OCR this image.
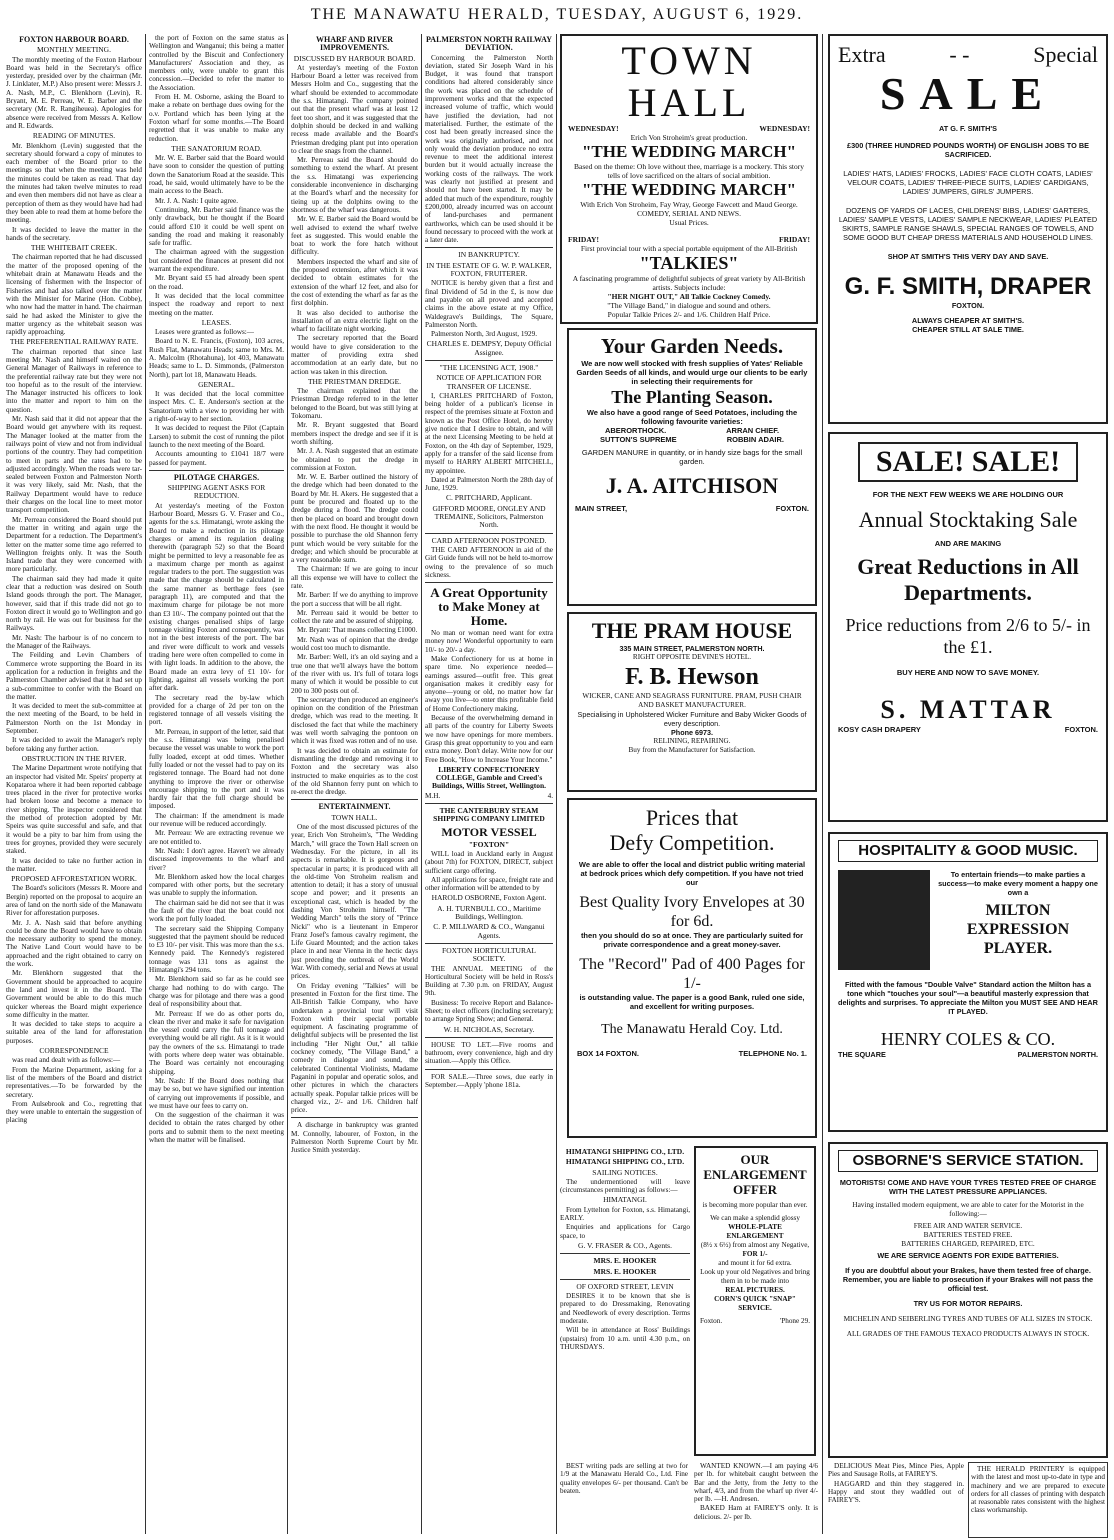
THE MANAWATU HERALD, TUESDAY, AUGUST 6, 1929.

FOXTON HARBOUR BOARD.

MONTHLY MEETING.

The monthly meeting of the Foxton Harbour Board was held in the Secretary's office yesterday, presided over by the chairman (Mr. J. Linklater, M.P.) Also present were: Messrs J. A. Nash, M.P., C. Blenkhorn (Levin), R. Bryant, M. E. Perreau, W. E. Barber and the secretary (Mr. R. Rangiheuea). Apologies for absence were received from Messrs A. Kellow and R. Edwards.

READING OF MINUTES.

Mr. Blenkhorn (Levin) suggested that the secretary should forward a copy of minutes to each member of the Board prior to the meetings so that when the meeting was held the minutes could be taken as read. That day the minutes had taken twelve minutes to read and even then members did not have as clear a perception of them as they would have had had they been able to read them at home before the meeting.

It was decided to leave the matter in the hands of the secretary.

THE WHITEBAIT CREEK.

The chairman reported that he had discussed the matter of the proposed opening of the whitebait drain at Manawatu Heads and the licensing of fishermen with the Inspector of Fisheries and had also talked over the matter with the Minister for Marine (Hon. Cobbe), who now had the matter in hand. The chairman said he had asked the Minister to give the matter urgency as the whitebait season was rapidly approaching.

THE PREFERENTIAL RAILWAY RATE.

The chairman reported that since last meeting Mr. Nash and himself waited on the General Manager of Railways in reference to the preferential railway rate but they were not too hopeful as to the result of the interview. The Manager instructed his officers to look into the matter and report to him on the question.

Mr. Nash said that it did not appear that the Board would get anywhere with its request. The Manager looked at the matter from the railways point of view and not from individual portions of the country. They had competition to meet in parts and the rates had to be adjusted accordingly. When the roads were tar-sealed between Foxton and Palmerston North it was very likely, said Mr. Nash, that the Railway Department would have to reduce their charges on the local line to meet motor transport competition.

Mr. Perreau considered the Board should put the matter in writing and again urge the Department for a reduction. The Department's letter on the matter some time ago referred to Wellington freights only. It was the South Island trade that they were concerned with more particularly.

The chairman said they had made it quite clear that a reduction was desired on South Island goods through the port. The Manager, however, said that if this trade did not go to Foxton direct it would go to Wellington and go north by rail. He was out for business for the Railways.

Mr. Nash: The harbour is of no concern to the Manager of the Railways.

The Feilding and Levin Chambers of Commerce wrote supporting the Board in its application for a reduction in freights and the Palmerston Chamber advised that it had set up a sub-committee to confer with the Board on the matter.

It was decided to meet the sub-committee at the next meeting of the Board, to be held in Palmerston North on the 1st Monday in September.

It was decided to await the Manager's reply before taking any further action.

OBSTRUCTION IN THE RIVER.

The Marine Department wrote notifying that an inspector had visited Mr. Speirs' property at Kopataroa where it had been reported cabbage trees placed in the river for protective works had broken loose and become a menace to river shipping. The inspector considered that the method of protection adopted by Mr. Speirs was quite successful and safe, and that it would be a pity to bar him from using the trees for groynes, provided they were securely staked.

It was decided to take no further action in the matter.

PROPOSED AFFORESTATION WORK.

The Board's solicitors (Messrs R. Moore and Bergin) reported on the proposal to acquire an area of land on the north side of the Manawatu River for afforestation purposes.

Mr. J. A. Nash said that before anything could be done the Board would have to obtain the necessary authority to spend the money. The Native Land Court would have to be approached and the right obtained to carry on the work.

Mr. Blenkhorn suggested that the Government should be approached to acquire the land and invest it in the Board. The Government would be able to do this much quicker whereas the Board might experience some difficulty in the matter.

It was decided to take steps to acquire a suitable area of the land for afforestation purposes.

CORRESPONDENCE

was read and dealt with as follows:—

From the Marine Department, asking for a list of the members of the Board and district representatives.—To be forwarded by the secretary.

From Aulsebrook and Co., regretting that they were unable to entertain the suggestion of placing

the port of Foxton on the same status as Wellington and Wanganui; this being a matter controlled by the Biscuit and Confectionery Manufacturers' Association and they, as members only, were unable to grant this concession.—Decided to refer the matter to the Association.

From H. M. Osborne, asking the Board to make a rebate on berthage dues owing for the o.v. Portland which has been lying at the Foxton wharf for some months.—The Board regretted that it was unable to make any reduction.

THE SANATORIUM ROAD.

Mr. W. E. Barber said that the Board would have soon to consider the question of putting down the Sanatorium Road at the seaside. This road, he said, would ultimately have to be the main access to the Beach.

Mr. J. A. Nash: I quite agree.

Continuing, Mr. Barber said finance was the only drawback, but he thought if the Board could afford £10 it could be well spent on sanding the road and making it reasonably safe for traffic.

The chairman agreed with the suggestion but considered the finances at present did not warrant the expenditure.

Mr. Bryant said £5 had already been spent on the road.

It was decided that the local committee inspect the roadway and report to next meeting on the matter.

LEASES.

Leases were granted as follows:—

Board to N. E. Francis, (Foxton), 103 acres, Rush Flat, Manawatu Heads; same to Mrs. M. A. Malcolm (Rhotahuna), lot 403, Manawatu Heads; same to L. D. Simmonds, (Palmerston North), part lot 18, Manawatu Heads.

GENERAL.

It was decided that the local committee inspect Mrs. C. E. Anderson's section at the Sanatorium with a view to providing her with a right-of-way to her section.

It was decided to request the Pilot (Captain Larsen) to submit the cost of running the pilot launch to the next meeting of the Board.

Accounts amounting to £1041 18/7 were passed for payment.

PILOTAGE CHARGES.

SHIPPING AGENT ASKS FOR REDUCTION.

At yesterday's meeting of the Foxton Harbour Board, Messrs G. V. Fraser and Co., agents for the s.s. Himatangi, wrote asking the Board to make a reduction in its pilotage charges or amend its regulation dealing therewith (paragraph 52) so that the Board might be permitted to levy a reasonable fee as a maximum charge per month as against regular traders to the port. The suggestion was made that the charge should be calculated in the same manner as berthage fees (see paragraph 11), are computed and that the maximum charge for pilotage be not more than £3 10/-. The company pointed out that the existing charges penalised ships of large tonnage visiting Foxton and consequently, was not in the best interests of the port. The bar and river were difficult to work and vessels trading here were often compelled to come in with light loads. In addition to the above, the Board made an extra levy of £1 10/- for lighting, against all vessels working the port after dark.

The secretary read the by-law which provided for a charge of 2d per ton on the registered tonnage of all vessels visiting the port.

Mr. Perreau, in support of the letter, said that the s.s. Himatangi was being penalised because the vessel was unable to work the port fully loaded, except at odd times. Whether fully loaded or not the vessel had to pay on its registered tonnage. The Board had not done anything to improve the river or otherwise encourage shipping to the port and it was hardly fair that the full charge should be imposed.

The chairman: If the amendment is made our revenue will be reduced accordingly.

Mr. Perreau: We are extracting revenue we are not entitled to.

Mr. Nash: I don't agree. Haven't we already discussed improvements to the wharf and river?

Mr. Blenkhorn asked how the local charges compared with other ports, but the secretary was unable to supply the information.

The chairman said he did not see that it was the fault of the river that the boat could not work the port fully loaded.

The secretary said the Shipping Company suggested that the payment should be reduced to £3 10/- per visit. This was more than the s.s. Kennedy paid. The Kennedy's registered tonnage was 131 tons as against the Himatangi's 294 tons.

Mr. Blenkhorn said so far as he could see charge had nothing to do with cargo. The charge was for pilotage and there was a good deal of responsibility about that.

Mr. Perreau: If we do as other ports do, clean the river and make it safe for navigation the vessel could carry the full tonnage and everything would be all right. As it is it would pay the owners of the s.s. Himatangi to trade with ports where deep water was obtainable. The Board was certainly not encouraging shipping.

Mr. Nash: If the Board does nothing that may be so, but we have signified our intention of carrying out improvements if possible, and we must have our fees to carry on.

On the suggestion of the chairman it was decided to obtain the rates charged by other ports and to submit them to the next meeting when the matter will be finalised.

WHARF AND RIVER IMPROVEMENTS.

DISCUSSED BY HARBOUR BOARD.

At yesterday's meeting of the Foxton Harbour Board a letter was received from Messrs Holm and Co., suggesting that the wharf should be extended to accommodate the s.s. Himatangi. The company pointed out that the present wharf was at least 12 feet too short, and it was suggested that the dolphin should be decked in and walking recess made available and the Board's Priestman dredging plant put into operation to clear the snags from the channel.

Mr. Perreau said the Board should do something to extend the wharf. At present the s.s. Himatangi was experiencing considerable inconvenience in discharging at the Board's wharf and the necessity for tieing up at the dolphins owing to the shortness of the wharf was dangerous.

Mr. W. E. Barber said the Board would be well advised to extend the wharf twelve feet as suggested. This would enable the boat to work the fore hatch without difficulty.

Members inspected the wharf and site of the proposed extension, after which it was decided to obtain estimates for the extension of the wharf 12 feet, and also for the cost of extending the wharf as far as the first dolphin.

It was also decided to authorise the installation of an extra electric light on the wharf to facilitate night working.

The secretary reported that the Board would have to give consideration to the matter of providing extra shed accommodation at an early date, but no action was taken in this direction.

THE PRIESTMAN DREDGE.

The chairman explained that the Priestman Dredge referred to in the letter belonged to the Board, but was still lying at Tokomaru.

Mr. R. Bryant suggested that Board members inspect the dredge and see if it is worth shifting.

Mr. J. A. Nash suggested that an estimate be obtained to put the dredge in commission at Foxton.

Mr. W. E. Barber outlined the history of the dredge which had been donated to the Board by Mr. H. Akers. He suggested that a punt be procured and floated up to the dredge during a flood. The dredge could then be placed on board and brought down with the next flood. He thought it would be possible to purchase the old Shannon ferry punt which would be very suitable for the dredge; and which should be procurable at a very reasonable sum.

The Chairman: If we are going to incur all this expense we will have to collect the rate.

Mr. Barber: If we do anything to improve the port a success that will be all right.

Mr. Perreau said it would be better to collect the rate and be assured of shipping.

Mr. Bryant: That means collecting £1000.

Mr. Nash was of opinion that the dredge would cost too much to dismantle.

Mr. Barber: Well, it's an old saying and a true one that we'll always have the bottom of the river with us. It's full of totara logs many of which it would be possible to cut 200 to 300 posts out of.

The secretary then produced an engineer's opinion on the condition of the Priestman dredge, which was read to the meeting. It disclosed the fact that while the machinery was well worth salvaging the pontoon on which it was fixed was rotten and of no use.

It was decided to obtain an estimate for dismantling the dredge and removing it to Foxton and the secretary was also instructed to make enquiries as to the cost of the old Shannon ferry punt on which to re-erect the dredge.

ENTERTAINMENT.

TOWN HALL.

One of the most discussed pictures of the year, Erich Von Stroheim's, "The Wedding March," will grace the Town Hall screen on Wednesday. For the picture, in all its aspects is remarkable. It is gorgeous and spectacular in parts; it is produced with all the old-time Von Stroheim realism and attention to detail; it has a story of unusual scope and power; and it presents an exceptional cast, which is headed by the dashing Von Stroheim himself. "The Wedding March" tells the story of "Prince Nicki" who is a lieutenant in Emperor Franz Josef's famous cavalry regiment, the Life Guard Mounted; and the action takes place in and near Vienna in the hectic days just preceding the outbreak of the World War. With comedy, serial and News at usual prices.

On Friday evening "Talkies" will be presented in Foxton for the first time. The All-British Talkie Company, who have undertaken a provincial tour will visit Foxton with their special portable equipment. A fascinating programme of delightful subjects will be presented the list including "Her Night Out," all talkie cockney comedy, "The Village Band," a comedy in dialogue and sound, the celebrated Continental Violinists, Madame Paganini in popular and operatic solos, and other pictures in which the characters actually speak. Popular talkie prices will be charged viz., 2/- and 1/6. Children half price.

A discharge in bankruptcy was granted M. Connolly, labourer, of Foxton, in the Palmerston North Supreme Court by Mr. Justice Smith yesterday.

PALMERSTON NORTH RAILWAY DEVIATION.

Concerning the Palmerston North deviation, stated Sir Joseph Ward in his Budget, it was found that transport conditions had altered considerably since the work was placed on the schedule of improvement works and that the expected increased volume of traffic, which would have justified the deviation, had not materialised. Further, the estimate of the cost had been greatly increased since the work was originally authorised, and not only would the deviation produce no extra revenue to meet the additional interest burden but it would actually increase the working costs of the railways. The work was clearly not justified at present and should not have been started. It may be added that much of the expenditure, roughly £200,000, already incurred was on account of land-purchases and permanent earthworks, which can be used should it be found necessary to proceed with the work at a later date.

IN BANKRUPTCY.

IN THE ESTATE OF G. W. P. WALKER, FOXTON, FRUITERER.

NOTICE is hereby given that a first and final Dividend of 5d in the £, is now due and payable on all proved and accepted claims in the above estate at my Office, Waldegrave's Buildings, The Square, Palmerston North.

Palmerston North, 3rd August, 1929.

CHARLES E. DEMPSY, Deputy Official Assignee.

"THE LICENSING ACT, 1908."

NOTICE OF APPLICATION FOR TRANSFER OF LICENSE.

I, CHARLES PRITCHARD of Foxton, being holder of a publican's license in respect of the premises situate at Foxton and known as the Post Office Hotel, do hereby give notice that I desire to obtain, and will at the next Licensing Meeting to be held at Foxton, on the 4th day of September, 1929, apply for a transfer of the said license from myself to HARRY ALBERT MITCHELL, my appointee.

Dated at Palmerston North the 28th day of June, 1929.

C. PRITCHARD, Applicant.

GIFFORD MOORE, ONGLEY AND TREMAINE, Solicitors, Palmerston North.

CARD AFTERNOON POSTPONED.

THE CARD AFTERNOON in aid of the Girl Guide funds will not be held to-morrow owing to the prevalence of so much sickness.

A Great Opportunity to Make Money at Home.

No man or woman need want for extra money now! Wonderful opportunity to earn 10/- to 20/- a day.

Make Confectionery for us at home in spare time. No experience needed—earnings assured—outfit free. This great organisation makes it credibly easy for anyone—young or old, no matter how far away you live—to enter this profitable field of Home Confectionery making.

Because of the overwhelming demand in all parts of the country for Liberty Sweets we now have openings for more members. Grasp this great opportunity to you and earn extra money. Don't delay. Write now for our Free Book, "How to Increase Your Income."

LIBERTY CONFECTIONERY COLLEGE, Gamble and Creed's Buildings, Willis Street, Wellington.

M.H.	4.

THE CANTERBURY STEAM SHIPPING COMPANY LIMITED

MOTOR VESSEL

"FOXTON"

WILL load in Auckland early in August (about 7th) for FOXTON, DIRECT, subject sufficient cargo offering.

All applications for space, freight rate and other information will be attended to by

HAROLD OSBORNE, Foxton Agent.

A. H. TURNBULL CO., Maritime Buildings, Wellington.

C. P. MILLWARD & CO., Wanganui Agents.

FOXTON HORTICULTURAL SOCIETY.

THE ANNUAL MEETING of the Horticultural Society will be held in Ross's Building at 7.30 p.m. on FRIDAY, August 9th.

Business: To receive Report and Balance-Sheet; to elect officers (including secretary); to arrange Spring Show; and General.

W. H. NICHOLAS, Secretary.

HOUSE TO LET.—Five rooms and bathroom, every convenience, high and dry situation.—Apply this Office.

FOR SALE.—Three sows, due early in September.—Apply 'phone 181a.

TOWN HALL
WEDNESDAY!	WEDNESDAY!
Erich Von Stroheim's great production.
"THE WEDDING MARCH"
Based on the theme: Oh love without thee, marriage is a mockery. This story tells of love sacrificed on the altars of social ambition.
"THE WEDDING MARCH"
With Erich Von Stroheim, Fay Wray, George Fawcett and Maud George.
COMEDY, SERIAL AND NEWS.
Usual Prices.
FRIDAY!	FRIDAY!
First provincial tour with a special portable equipment of the All-British
"TALKIES"
A fascinating programme of delightful subjects of great variety by All-British artists. Subjects include:
"HER NIGHT OUT," All Talkie Cockney Comedy.
"The Village Band," in dialogue and sound and others.
Popular Talkie Prices 2/- and 1/6. Children Half Price.
Your Garden Needs.
We are now well stocked with fresh supplies of Yates' Reliable Garden Seeds of all kinds, and would urge our clients to be early in selecting their requirements for
The Planting Season.
We also have a good range of Seed Potatoes, including the following favourite varieties:
ABERORTHOCK.	ARRAN CHIEF.
SUTTON'S SUPREME	ROBBIN ADAIR.
GARDEN MANURE in quantity, or in handy size bags for the small garden.
J. A. AITCHISON
MAIN STREET,	FOXTON.
THE PRAM HOUSE
335 MAIN STREET, PALMERSTON NORTH.
RIGHT OPPOSITE DEVINE'S HOTEL.
F. B. Hewson
WICKER, CANE AND SEAGRASS FURNITURE. PRAM, PUSH CHAIR AND BASKET MANUFACTURER.
Specialising in Upholstered Wicker Furniture and Baby Wicker Goods of every description.
Phone 6973.
RELINING, REPAIRING.
Buy from the Manufacturer for Satisfaction.
Prices that
Defy Competition.
We are able to offer the local and district public writing material at bedrock prices which defy competition. If you have not tried our
Best Quality Ivory Envelopes at 30 for 6d.
then you should do so at once. They are particularly suited for private correspondence and a great money-saver.
The "Record" Pad of 400 Pages for 1/-
is outstanding value. The paper is a good Bank, ruled one side, and excellent for writing purposes.
The Manawatu Herald Coy. Ltd.
BOX 14 FOXTON.	TELEPHONE No. 1.

HIMATANGI SHIPPING CO., LTD.

HIMATANGI SHIPPING CO., LTD.

SAILING NOTICES.

The undermentioned will leave (circumstances permitting) as follows:—

HIMATANGI.

From Lyttelton for Foxton, s.s. Himatangi, EARLY.

Enquiries and applications for Cargo space, to

G. V. FRASER & CO., Agents.

MRS. E. HOOKER

MRS. E. HOOKER

OF OXFORD STREET, LEVIN

DESIRES it to be known that she is prepared to do Dressmaking, Renovating and Needlework of every description. Terms moderate.

Will be in attendance at Ross' Buildings (upstairs) from 10 a.m. until 4.30 p.m., on THURSDAYS.

OUR ENLARGEMENT OFFER
is becoming more popular than ever.
We can make a splendid glossy
WHOLE-PLATE ENLARGEMENT
(8½ x 6½) from almost any Negative,
FOR 1/-
and mount it for 6d extra.
Look up your old Negatives and bring them in to be made into
REAL PICTURES.
CORN'S QUICK "SNAP" SERVICE.
Foxton.	'Phone 29.

BEST writing pads are selling at two for 1/9 at the Manawatu Herald Co., Ltd. Fine quality envelopes 6/- per thousand. Can't be beaten.

WANTED KNOWN.—I am paying 4/6 per lb. for whitebait caught between the Bar and the Jetty, from the Jetty to the wharf, 4/3, and from the wharf up river 4/- per lb. —H. Andresen.

BAKED Ham at FAIREY'S only. It is delicious. 2/- per lb.

Extra	- -	Special
SALE
AT G. F. SMITH'S
£300 (THREE HUNDRED POUNDS WORTH) OF ENGLISH JOBS TO BE SACRIFICED.
LADIES' HATS, LADIES' FROCKS, LADIES' FACE CLOTH COATS, LADIES' VELOUR COATS, LADIES' THREE-PIECE SUITS, LADIES' CARDIGANS, LADIES' JUMPERS, GIRLS' JUMPERS.
DOZENS OF YARDS OF LACES, CHILDRENS' BIBS, LADIES' GARTERS, LADIES' SAMPLE VESTS, LADIES' SAMPLE NECKWEAR, LADIES' PLEATED SKIRTS, SAMPLE RANGE SHAWLS, SPECIAL RANGES OF TOWELS, AND SOME GOOD BUT CHEAP DRESS MATERIALS AND HOUSEHOLD LINES.
SHOP AT SMITH'S THIS VERY DAY AND SAVE.
G. F. SMITH, DRAPER
FOXTON.
ALWAYS CHEAPER AT SMITH'S.
CHEAPER STILL AT SALE TIME.
SALE! SALE!
FOR THE NEXT FEW WEEKS WE ARE HOLDING OUR
Annual Stocktaking Sale
AND ARE MAKING
Great Reductions in All Departments.
Price reductions from 2/6 to 5/- in the £1.
BUY HERE AND NOW TO SAVE MONEY.
S. MATTAR
KOSY CASH DRAPERY	FOXTON.
HOSPITALITY & GOOD MUSIC.
To entertain friends—to make parties a success—to make every moment a happy one own a
MILTON EXPRESSION PLAYER.
Fitted with the famous "Double Valve" Standard action the Milton has a tone which "touches your soul"—a beautiful masterly expression that delights and surprises. To appreciate the Milton you MUST SEE AND HEAR IT PLAYED.
HENRY COLES & CO.
THE SQUARE	PALMERSTON NORTH.
OSBORNE'S SERVICE STATION.
MOTORISTS! COME AND HAVE YOUR TYRES TESTED FREE OF CHARGE WITH THE LATEST PRESSURE APPLIANCES.
Having installed modern equipment, we are able to cater for the Motorist in the following:—
FREE AIR AND WATER SERVICE.
BATTERIES TESTED FREE.
BATTERIES CHARGED, REPAIRED, ETC.
WE ARE SERVICE AGENTS FOR EXIDE BATTERIES.
If you are doubtful about your Brakes, have them tested free of charge. Remember, you are liable to prosecution if your Brakes will not pass the official test.
TRY US FOR MOTOR REPAIRS.
MICHELIN AND SEIBERLING TYRES AND TUBES OF ALL SIZES IN STOCK.
ALL GRADES OF THE FAMOUS TEXACO PRODUCTS ALWAYS IN STOCK.

DELICIOUS Meat Pies, Mince Pies, Apple Pies and Sausage Rolls, at FAIREY'S.

HAGGARD and thin they staggered in. Happy and stout they waddled out of FAIREY'S.

THE HERALD PRINTERY is equipped with the latest and most up-to-date in type and machinery and we are prepared to execute orders for all classes of printing with despatch at reasonable rates consistent with the highest class workmanship.
